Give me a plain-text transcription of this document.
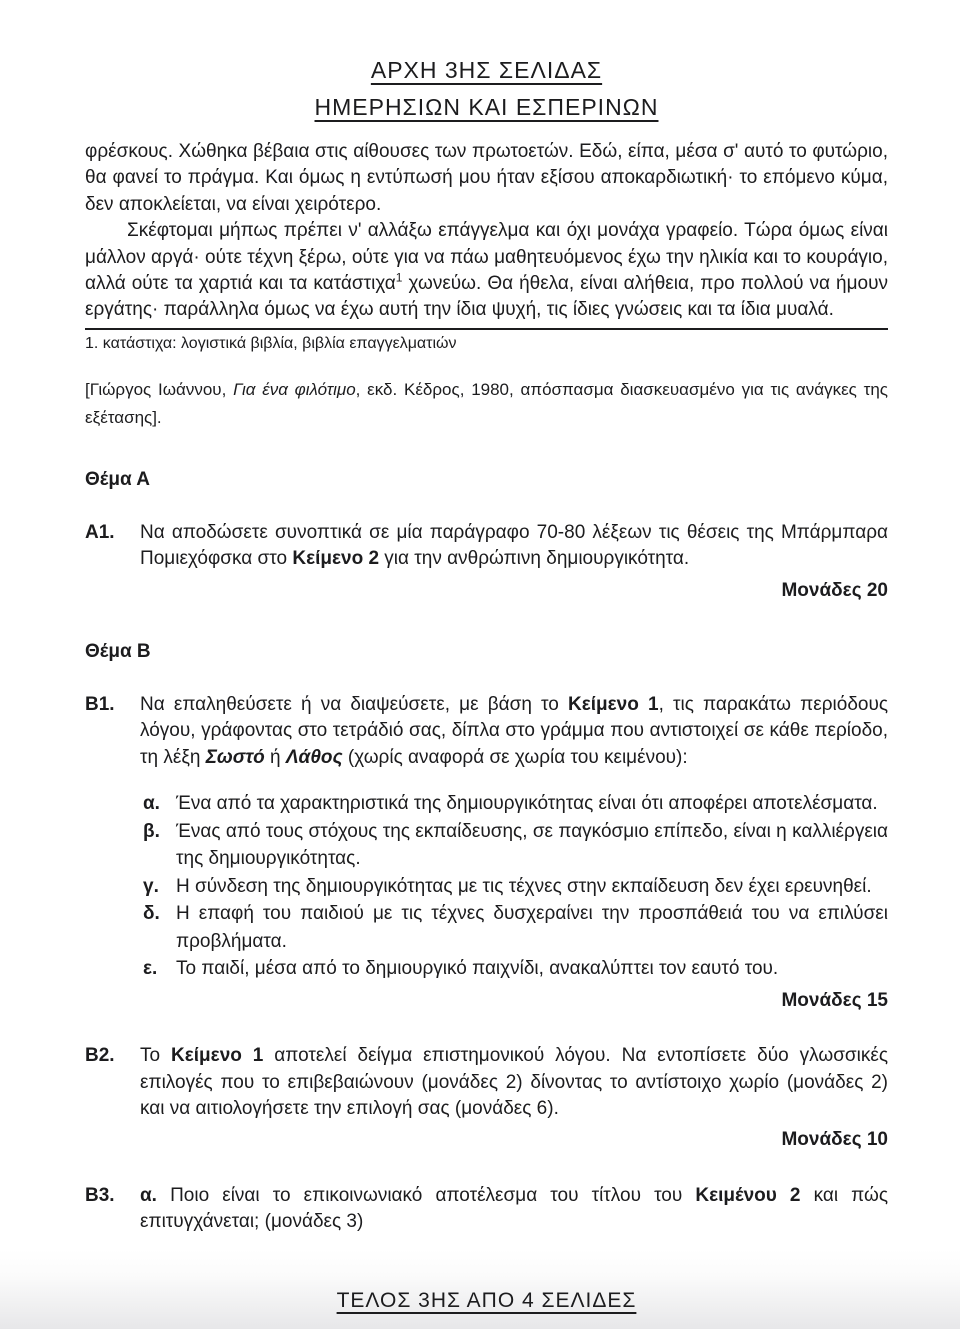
ΑΡΧΗ 3ΗΣ ΣΕΛΙΔΑΣ
ΗΜΕΡΗΣΙΩΝ ΚΑΙ ΕΣΠΕΡΙΝΩΝ

φρέσκους. Χώθηκα βέβαια στις αίθουσες των πρωτοετών. Εδώ, είπα, μέσα σ' αυτό το φυτώριο, θα φανεί το πράγμα. Και όμως η εντύπωσή μου ήταν εξίσου αποκαρδιωτική· το επόμενο κύμα, δεν αποκλείεται, να είναι χειρότερο.

Σκέφτομαι μήπως πρέπει ν' αλλάξω επάγγελμα και όχι μονάχα γραφείο. Τώρα όμως είναι μάλλον αργά· ούτε τέχνη ξέρω, ούτε για να πάω μαθητευόμενος έχω την ηλικία και το κουράγιο, αλλά ούτε τα χαρτιά και τα κατάστιχα$^1$ χωνεύω. Θα ήθελα, είναι αλήθεια, προ πολλού να ήμουν εργάτης· παράλληλα όμως να έχω αυτή την ίδια ψυχή, τις ίδιες γνώσεις και τα ίδια μυαλά.

1. κατάστιχα: λογιστικά βιβλία, βιβλία επαγγελματιών

[Γιώργος Ιωάννου, Για ένα φιλότιμο, εκδ. Κέδρος, 1980, απόσπασμα διασκευασμένο για τις ανάγκες της εξέτασης].

Θέμα Α
Α1.	Να αποδώσετε συνοπτικά σε μία παράγραφο 70-80 λέξεων τις θέσεις της Μπάρμπαρα Πομιεχόφσκα στο Κείμενο 2 για την ανθρώπινη δημιουργικότητα.
Μονάδες 20
Θέμα Β
Β1.	Να επαληθεύσετε ή να διαψεύσετε, με βάση το Κείμενο 1, τις παρακάτω περιόδους λόγου, γράφοντας στο τετράδιό σας, δίπλα στο γράμμα που αντιστοιχεί σε κάθε περίοδο, τη λέξη Σωστό ή Λάθος (χωρίς αναφορά σε χωρία του κειμένου):
α. Ένα από τα χαρακτηριστικά της δημιουργικότητας είναι ότι αποφέρει αποτελέσματα.
β. Ένας από τους στόχους της εκπαίδευσης, σε παγκόσμιο επίπεδο, είναι η καλλιέργεια της δημιουργικότητας.
γ. Η σύνδεση της δημιουργικότητας με τις τέχνες στην εκπαίδευση δεν έχει ερευνηθεί.
δ. Η επαφή του παιδιού με τις τέχνες δυσχεραίνει την προσπάθειά του να επιλύσει προβλήματα.
ε. Το παιδί, μέσα από το δημιουργικό παιχνίδι, ανακαλύπτει τον εαυτό του.
Μονάδες 15
Β2.	Το Κείμενο 1 αποτελεί δείγμα επιστημονικού λόγου. Να εντοπίσετε δύο γλωσσικές επιλογές που το επιβεβαιώνουν (μονάδες 2) δίνοντας το αντίστοιχο χωρίο (μονάδες 2) και να αιτιολογήσετε την επιλογή σας (μονάδες 6).
Μονάδες 10
Β3.	α. Ποιο είναι το επικοινωνιακό αποτέλεσμα του τίτλου του Κειμένου 2 και πώς επιτυγχάνεται; (μονάδες 3)
ΤΕΛΟΣ 3ΗΣ ΑΠΟ 4 ΣΕΛΙΔΕΣ
